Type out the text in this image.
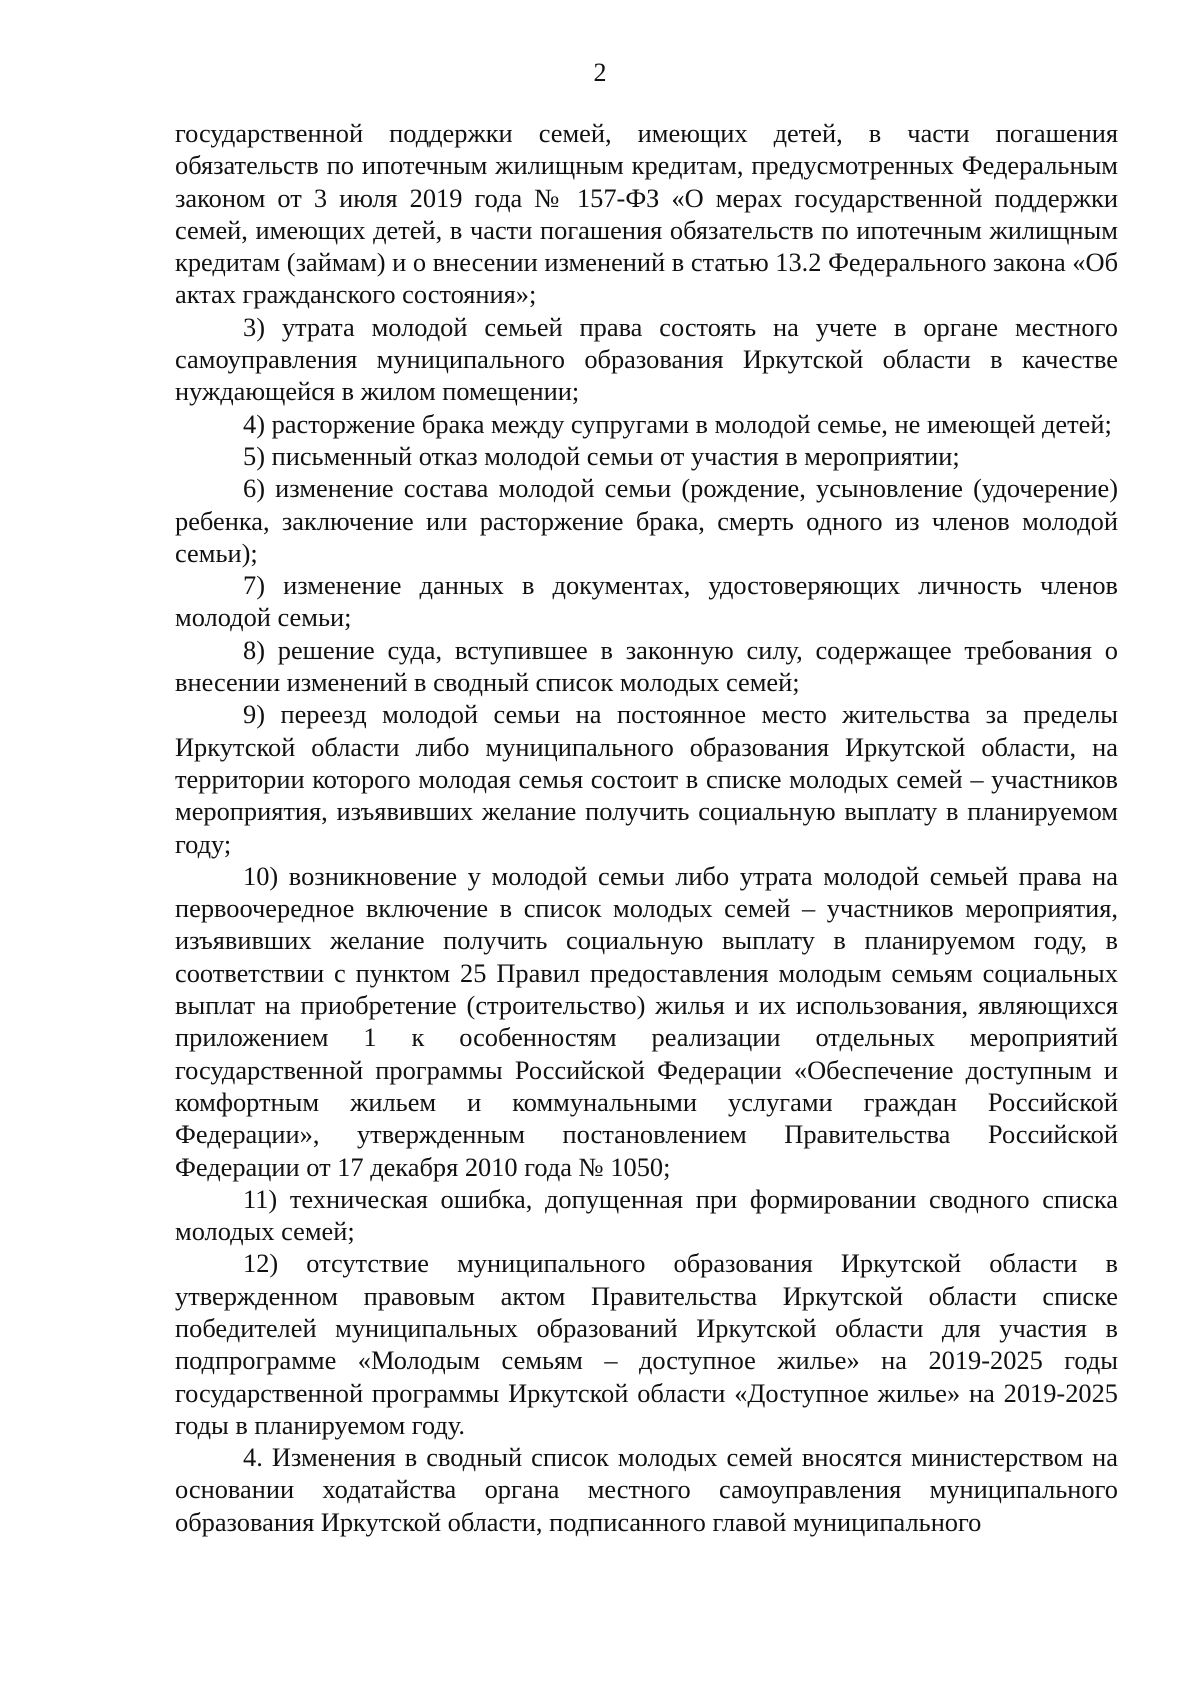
2

государственной поддержки семей, имеющих детей, в части погашения обязательств по ипотечным жилищным кредитам, предусмотренных Федеральным законом от 3 июля 2019 года № 157-ФЗ «О мерах государственной поддержки семей, имеющих детей, в части погашения обязательств по ипотечным жилищным кредитам (займам) и о внесении изменений в статью 13.2 Федерального закона «Об актах гражданского состояния»;

3) утрата молодой семьей права состоять на учете в органе местного самоуправления муниципального образования Иркутской области в качестве нуждающейся в жилом помещении;

4) расторжение брака между супругами в молодой семье, не имеющей детей;

5) письменный отказ молодой семьи от участия в мероприятии;

6) изменение состава молодой семьи (рождение, усыновление (удочерение) ребенка, заключение или расторжение брака, смерть одного из членов молодой семьи);

7) изменение данных в документах, удостоверяющих личность членов молодой семьи;

8) решение суда, вступившее в законную силу, содержащее требования о внесении изменений в сводный список молодых семей;

9) переезд молодой семьи на постоянное место жительства за пределы Иркутской области либо муниципального образования Иркутской области, на территории которого молодая семья состоит в списке молодых семей – участников мероприятия, изъявивших желание получить социальную выплату в планируемом году;

10) возникновение у молодой семьи либо утрата молодой семьей права на первоочередное включение в список молодых семей – участников мероприятия, изъявивших желание получить социальную выплату в планируемом году, в соответствии с пунктом 25 Правил предоставления молодым семьям социальных выплат на приобретение (строительство) жилья и их использования, являющихся приложением 1 к особенностям реализации отдельных мероприятий государственной программы Российской Федерации «Обеспечение доступным и комфортным жильем и коммунальными услугами граждан Российской Федерации», утвержденным постановлением Правительства Российской Федерации от 17 декабря 2010 года № 1050;

11) техническая ошибка, допущенная при формировании сводного списка молодых семей;

12) отсутствие муниципального образования Иркутской области в утвержденном правовым актом Правительства Иркутской области списке победителей муниципальных образований Иркутской области для участия в подпрограмме «Молодым семьям – доступное жилье» на 2019-2025 годы государственной программы Иркутской области «Доступное жилье» на 2019-2025 годы в планируемом году.

4. Изменения в сводный список молодых семей вносятся министерством на основании ходатайства органа местного самоуправления муниципального образования Иркутской области, подписанного главой муниципального
